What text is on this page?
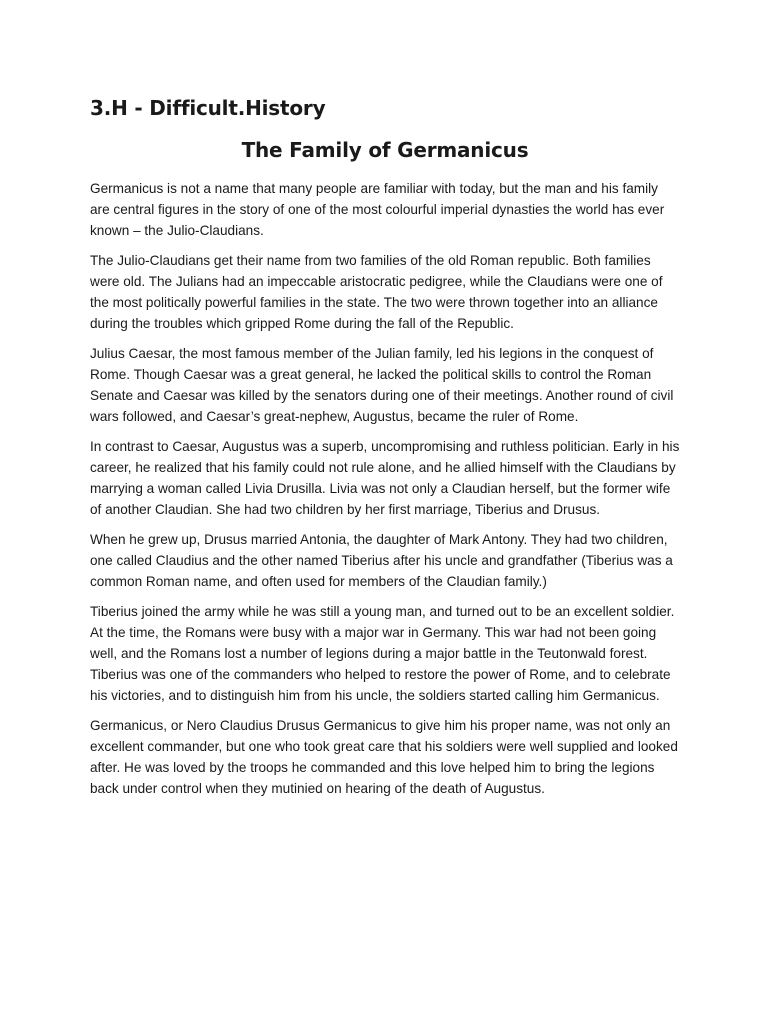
3.H - Difficult.History
The Family of Germanicus

Germanicus is not a name that many people are familiar with today, but the man and his family are central figures in the story of one of the most colourful imperial dynasties the world has ever known – the Julio-Claudians.

The Julio-Claudians get their name from two families of the old Roman republic. Both families were old. The Julians had an impeccable aristocratic pedigree, while the Claudians were one of the most politically powerful families in the state. The two were thrown together into an alliance during the troubles which gripped Rome during the fall of the Republic.

Julius Caesar, the most famous member of the Julian family, led his legions in the conquest of Rome. Though Caesar was a great general, he lacked the political skills to control the Roman Senate and Caesar was killed by the senators during one of their meetings. Another round of civil wars followed, and Caesar’s great-nephew, Augustus, became the ruler of Rome.

In contrast to Caesar, Augustus was a superb, uncompromising and ruthless politician. Early in his career, he realized that his family could not rule alone, and he allied himself with the Claudians by marrying a woman called Livia Drusilla. Livia was not only a Claudian herself, but the former wife of another Claudian. She had two children by her first marriage, Tiberius and Drusus.

When he grew up, Drusus married Antonia, the daughter of Mark Antony. They had two children, one called Claudius and the other named Tiberius after his uncle and grandfather (Tiberius was a common Roman name, and often used for members of the Claudian family.)

Tiberius joined the army while he was still a young man, and turned out to be an excellent soldier. At the time, the Romans were busy with a major war in Germany. This war had not been going well, and the Romans lost a number of legions during a major battle in the Teutonwald forest. Tiberius was one of the commanders who helped to restore the power of Rome, and to celebrate his victories, and to distinguish him from his uncle, the soldiers started calling him Germanicus.

Germanicus, or Nero Claudius Drusus Germanicus to give him his proper name, was not only an excellent commander, but one who took great care that his soldiers were well supplied and looked after. He was loved by the troops he commanded and this love helped him to bring the legions back under control when they mutinied on hearing of the death of Augustus.
